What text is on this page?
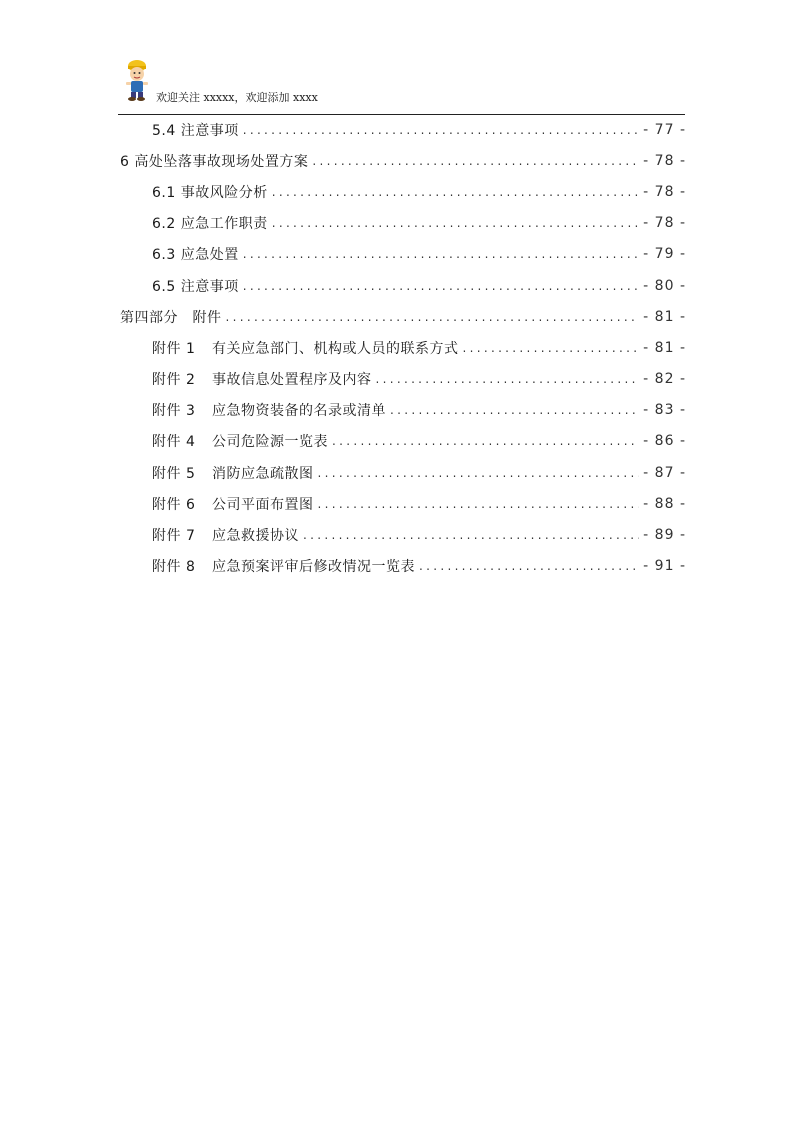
欢迎关注 xxxxx，欢迎添加 xxxx
5.4 注意事项 .....	- 77 -
6 高处坠落事故现场处置方案 .....	- 78 -
6.1 事故风险分析 .....	- 78 -
6.2 应急工作职责 .....	- 78 -
6.3 应急处置 .....	- 79 -
6.5 注意事项 .....	- 80 -
第四部分　附件 .....	- 81 -
附件 1	有关应急部门、机构或人员的联系方式 .....	- 81 -
附件 2	事故信息处置程序及内容 .....	- 82 -
附件 3	应急物资装备的名录或清单 .....	- 83 -
附件 4	公司危险源一览表 .....	- 86 -
附件 5	消防应急疏散图 .....	- 87 -
附件 6	公司平面布置图 .....	- 88 -
附件 7	应急救援协议 .....	- 89 -
附件 8	应急预案评审后修改情况一览表 .....	- 91 -
